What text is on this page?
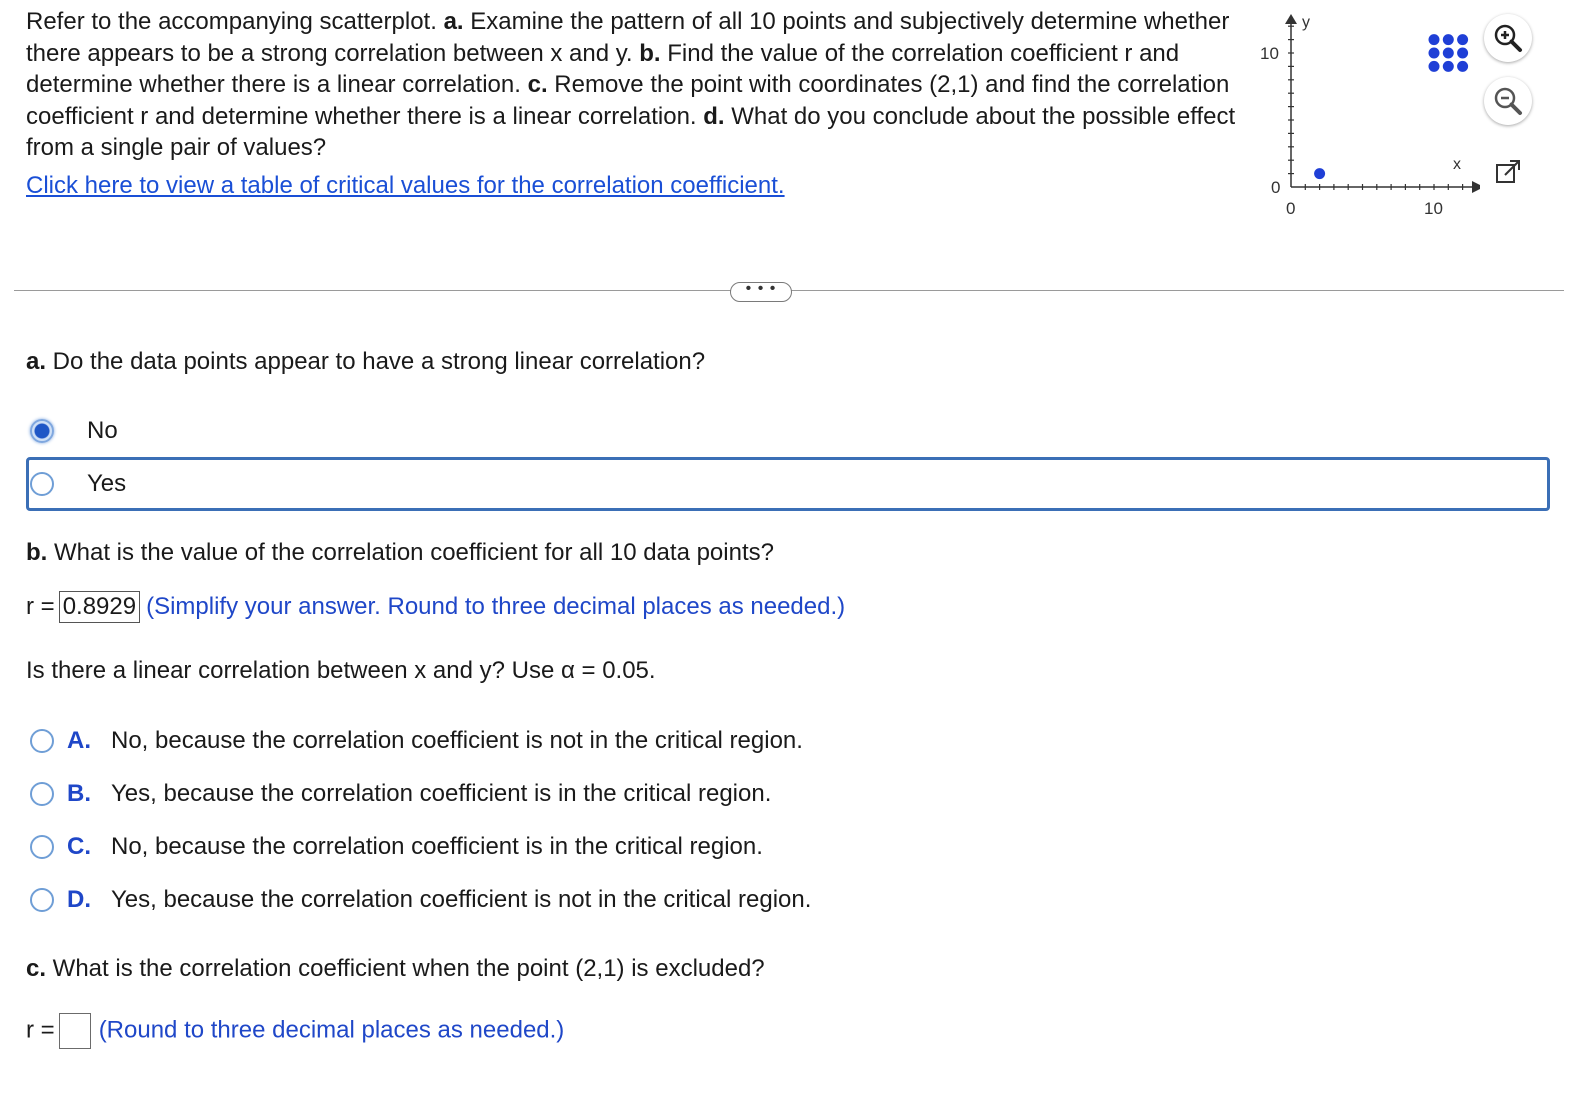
Refer to the accompanying scatterplot. a. Examine the pattern of all 10 points and subjectively determine whether there appears to be a strong correlation between x and y. b. Find the value of the correlation coefficient r and determine whether there is a linear correlation. c. Remove the point with coordinates (2,1) and find the correlation coefficient r and determine whether there is a linear correlation. d. What do you conclude about the possible effect from a single pair of values?
Click here to view a table of critical values for the correlation coefficient.
y
x
10
0
0	10
• • •
a. Do the data points appear to have a strong linear correlation?
No
Yes
b. What is the value of the correlation coefficient for all 10 data points?
r = 0.8929 (Simplify your answer. Round to three decimal places as needed.)
Is there a linear correlation between x and y? Use α = 0.05.
A. No, because the correlation coefficient is not in the critical region.
B. Yes, because the correlation coefficient is in the critical region.
C. No, because the correlation coefficient is in the critical region.
D. Yes, because the correlation coefficient is not in the critical region.
c. What is the correlation coefficient when the point (2,1) is excluded?
r = (Round to three decimal places as needed.)
